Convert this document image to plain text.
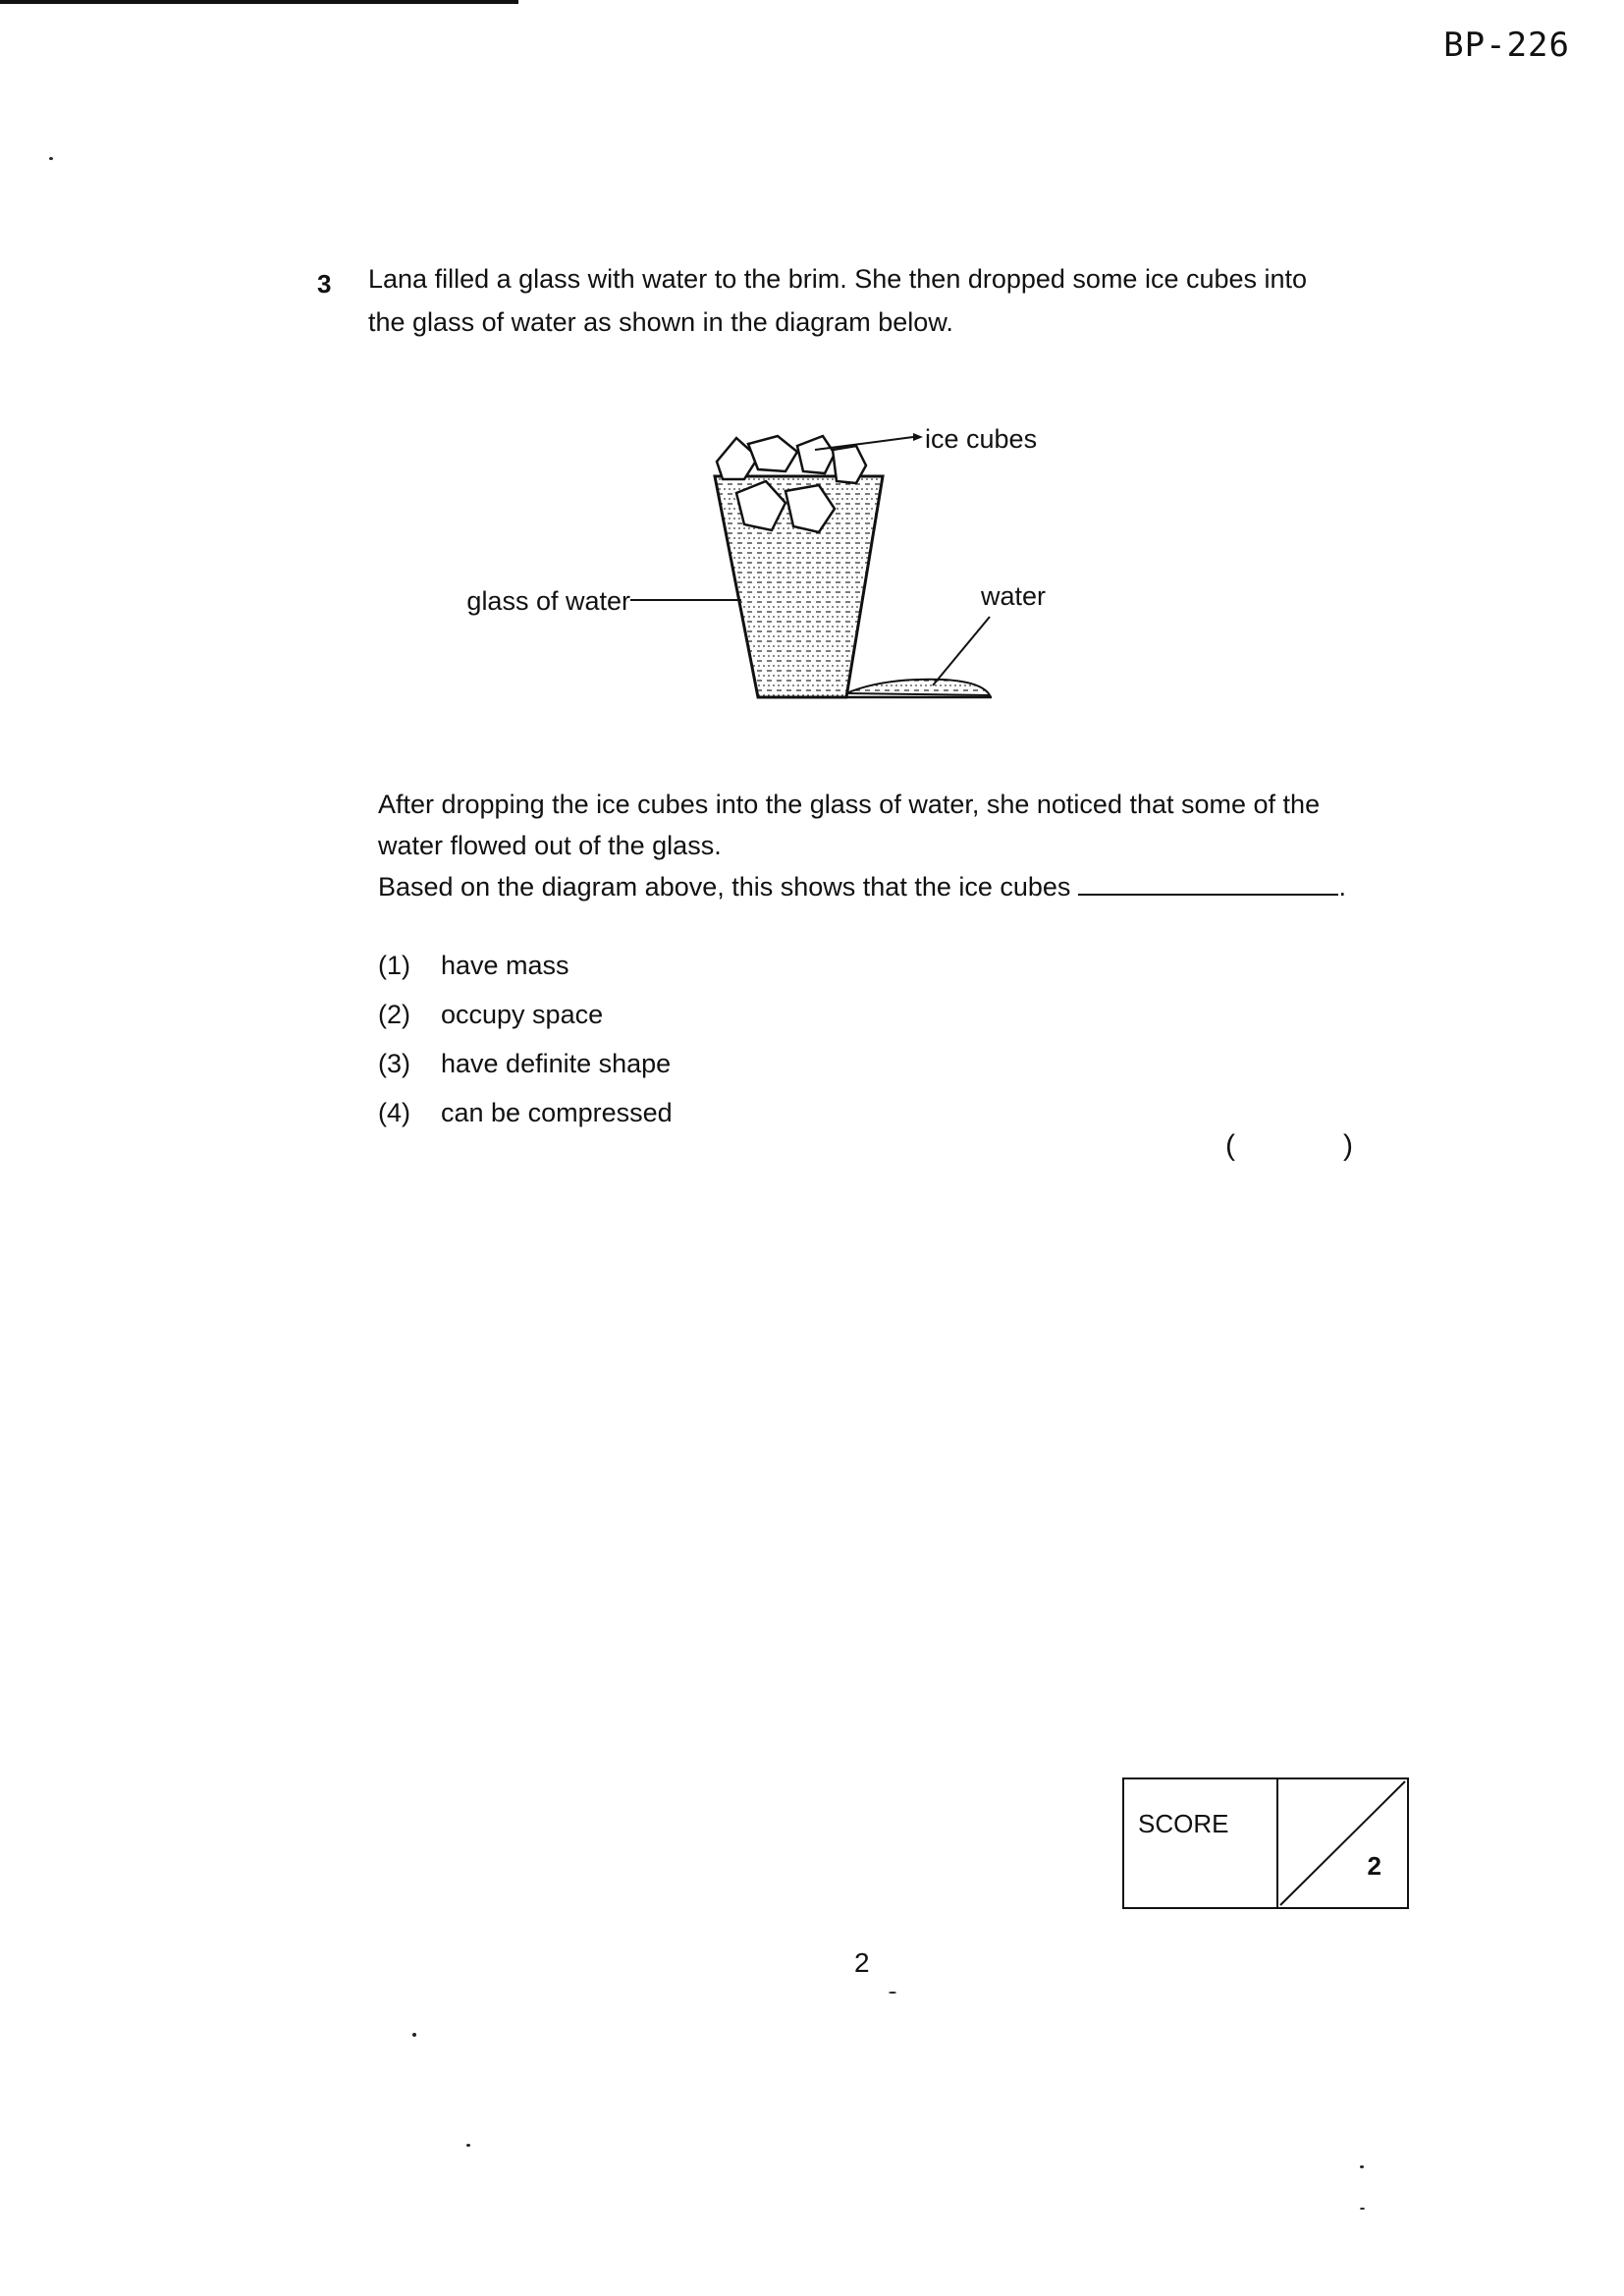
BP-226
3 Lana filled a glass with water to the brim. She then dropped some ice cubes into
the glass of water as shown in the diagram below.
ice cubes
glass of water	water
After dropping the ice cubes into the glass of water, she noticed that some of the
water flowed out of the glass.
Based on the diagram above, this shows that the ice cubes	.
(1)	have mass
(2)	occupy space
(3)	have definite shape
(4)	can be compressed
(	)
SCORE
2
2
